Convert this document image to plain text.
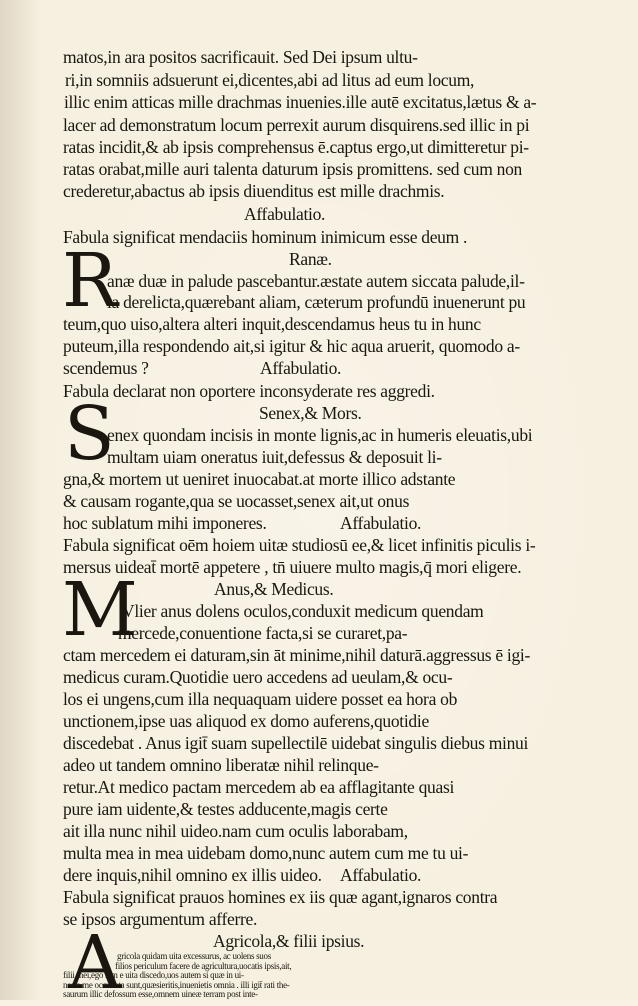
matos,in ara positos sacrificauit. Sed Dei ipsum ultu-
ri,in somniis adsuerunt ei,dicentes,abi ad litus ad eum locum,
illic enim atticas mille drachmas inuenies.ille autē excitatus,lætus & a-
lacer ad demonstratum locum perrexit aurum disquirens.sed illic in pi
ratas incidit,& ab ipsis comprehensus ē.captus ergo,ut dimitteretur pi-
ratas orabat,mille auri talenta daturum ipsis promittens. sed cum non
crederetur,abactus ab ipsis diuenditus est mille drachmis.
Affabulatio.
Fabula significat mendaciis hominum inimicum esse deum .
Ranæ.
R
anæ duæ in palude pascebantur.æstate autem siccata palude,il-
la derelicta,quærebant aliam, cæterum profundū inuenerunt pu
teum,quo uiso,altera alteri inquit,descendamus heus tu in hunc
puteum,illa respondendo ait,si igitur & hic aqua aruerit, quomodo a-
scendemus ?	Affabulatio.
Fabula declarat non oportere inconsyderate res aggredi.
Senex,& Mors.
S
enex quondam incisis in monte lignis,ac in humeris eleuatis,ubi
multam uiam oneratus iuit,defessus & deposuit li-
gna,& mortem ut ueniret inuocabat.at morte illico adstante
& causam rogante,qua se uocasset,senex ait,ut onus
hoc sublatum mihi imponeres.	Affabulatio.
Fabula significat oēm hoiem uitæ studiosū ee,& licet infinitis piculis i-
mersus uideat̄ mortē appetere , tn̄ uiuere multo magis,q̄ mori eligere.
Anus,& Medicus.
M
Vlier anus dolens oculos,conduxit medicum quendam
mercede,conuentione facta,si se curaret,pa-
ctam mercedem ei daturam,sin āt minime,nihil daturā.aggressus ē igi-
medicus curam.Quotidie uero accedens ad ueulam,& ocu-
los ei ungens,cum illa nequaquam uidere posset ea hora ob
unctionem,ipse uas aliquod ex domo auferens,quotidie
discedebat . Anus igit̄ suam supellectilē uidebat singulis diebus minui
adeo ut tandem omnino liberatæ nihil relinque-
retur.At medico pactam mercedem ab ea afflagitante quasi
pure iam uidente,& testes adducente,magis certe
ait illa nunc nihil uideo.nam cum oculis laborabam,
multa mea in mea uidebam domo,nunc autem cum me tu ui-
dere inquis,nihil omnino ex illis uideo. Affabulatio.
Fabula significat prauos homines ex iis quæ agant,ignaros contra
se ipsos argumentum afferre.
Agricola,& filii ipsius.
A
gricola quidam uita excessurus, ac uolens suos
filios periculum facere de agricultura,uocatis ipsis,ait,
filii mei,ego iam e uita discedo,uos autem si quæ in ui-
nea a me occultata sunt,quæsieritis,inuenietis omnia . illi igit̄ rati the-
saurum illic defossum esse,omnem uineæ terram post inte-
